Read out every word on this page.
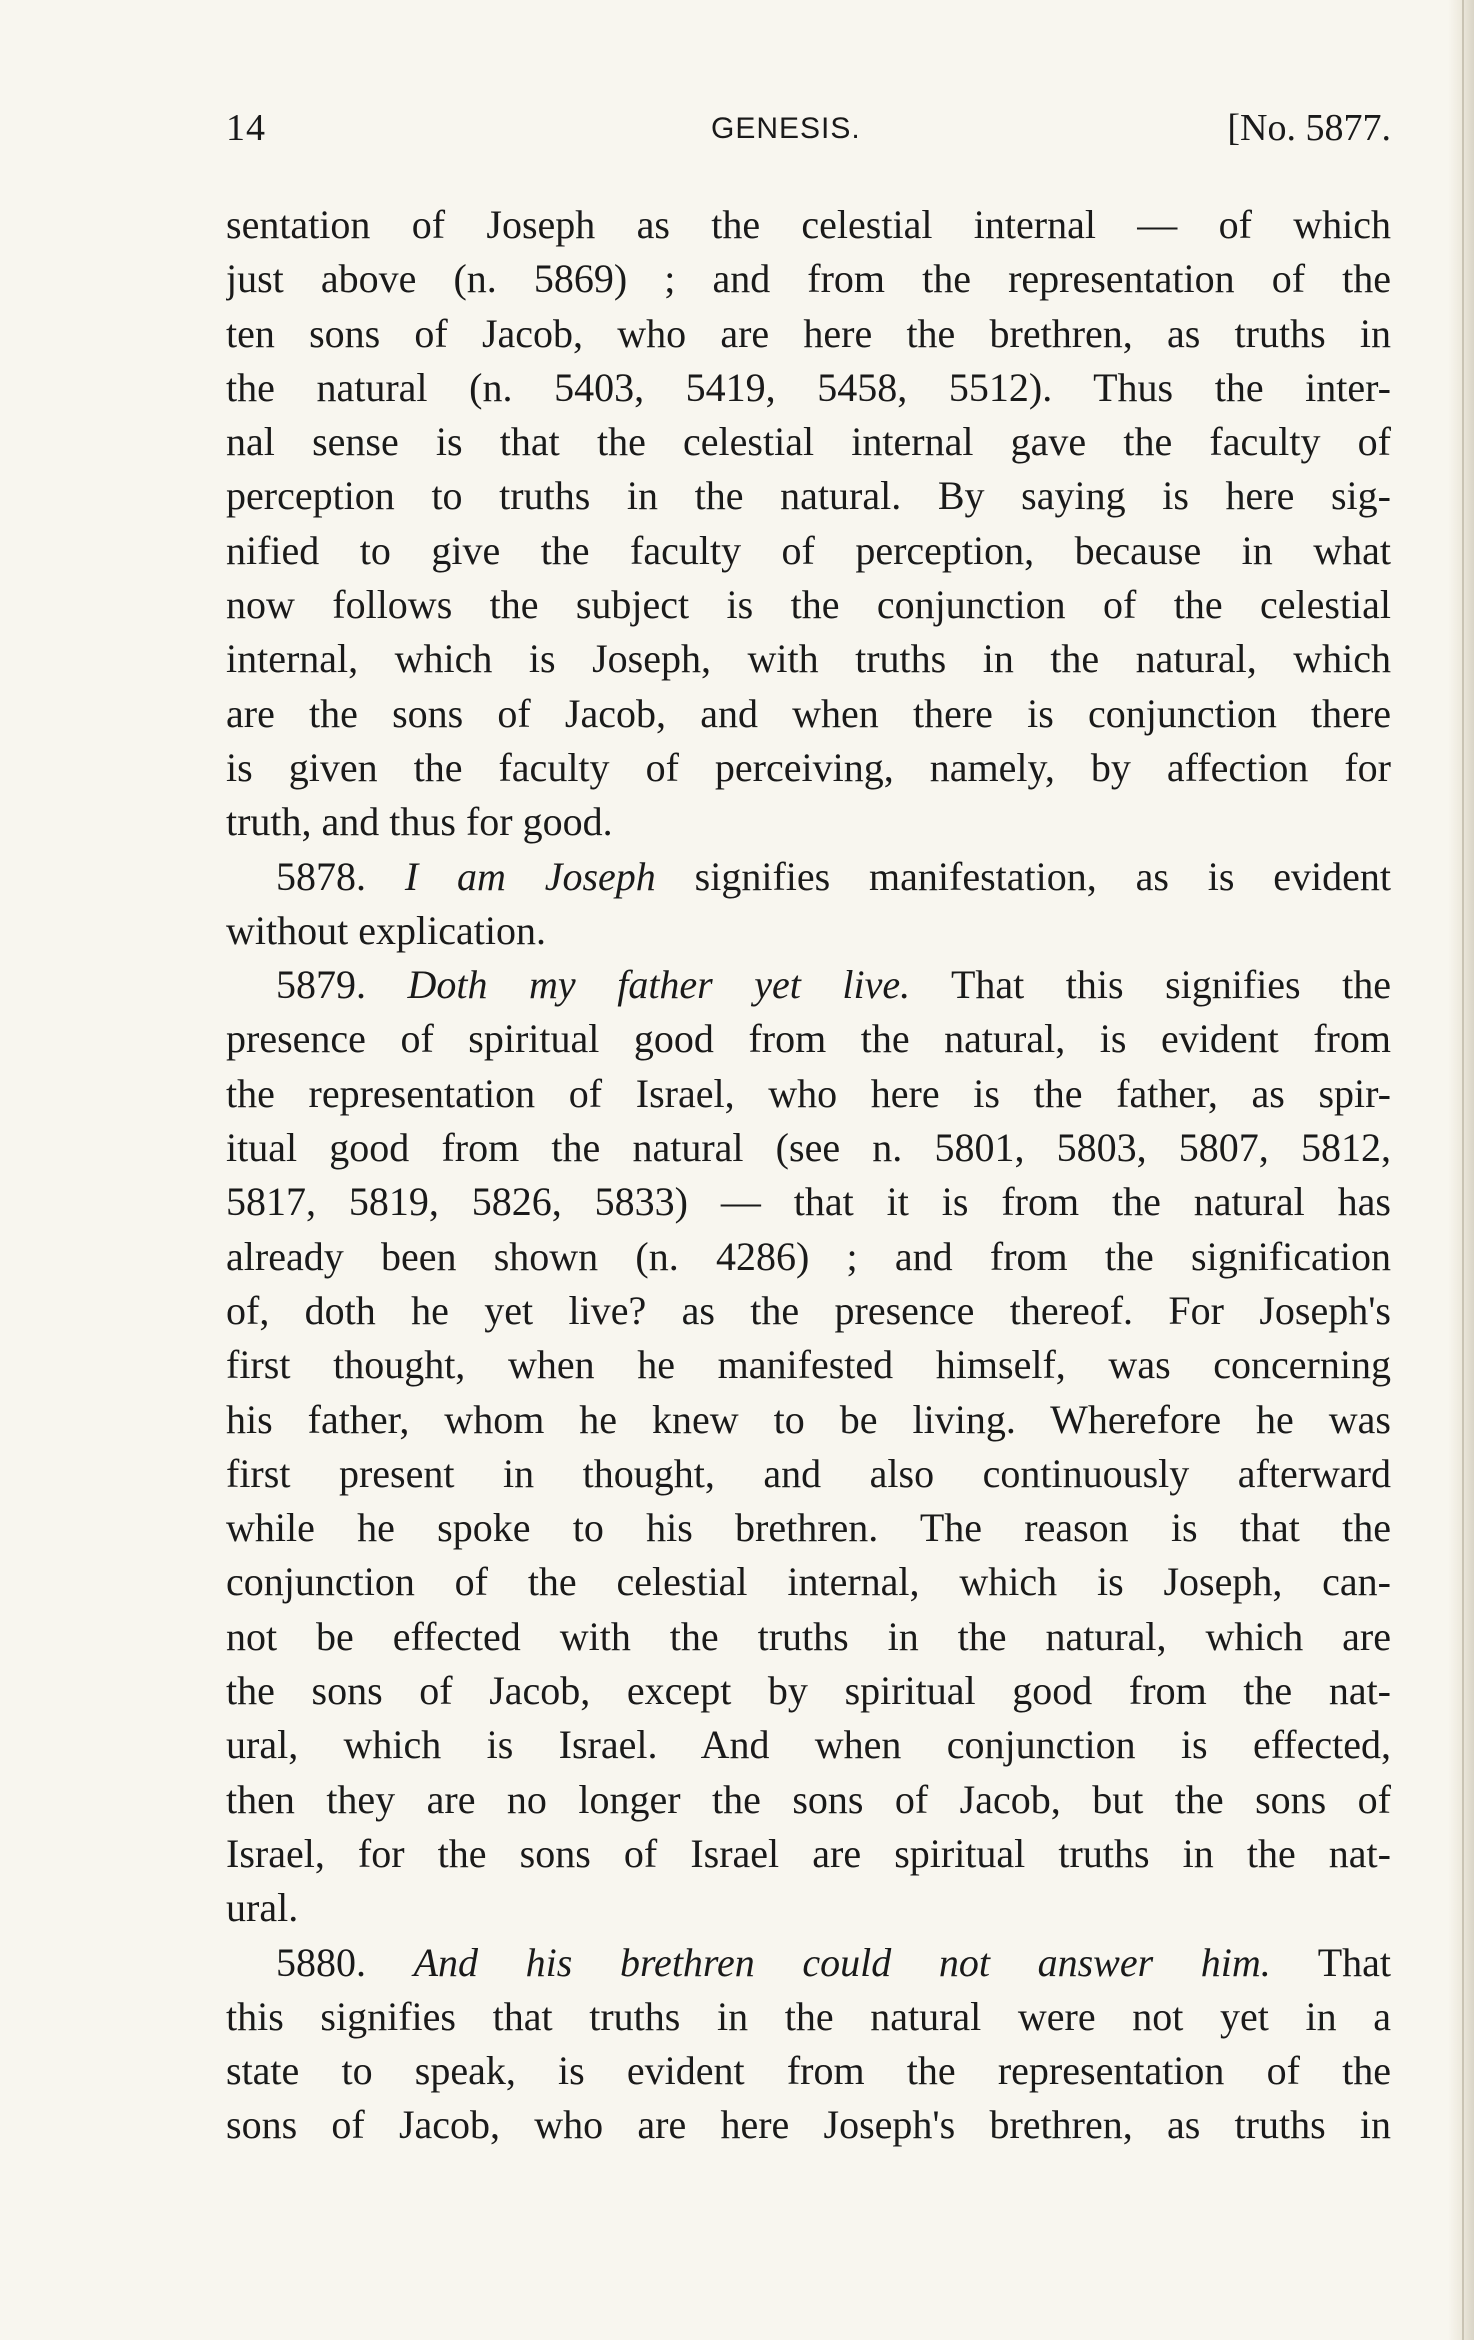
14	GENESIS.	[No. 5877.
sentation of Joseph as the celestial internal — of which
just above (n. 5869) ; and from the representation of the
ten sons of Jacob, who are here the brethren, as truths in
the natural (n. 5403, 5419, 5458, 5512). Thus the inter-
nal sense is that the celestial internal gave the faculty of
perception to truths in the natural. By saying is here sig-
nified to give the faculty of perception, because in what
now follows the subject is the conjunction of the celestial
internal, which is Joseph, with truths in the natural, which
are the sons of Jacob, and when there is conjunction there
is given the faculty of perceiving, namely, by affection for
truth, and thus for good.
5878. I am Joseph signifies manifestation, as is evident
without explication.
5879. Doth my father yet live. That this signifies the
presence of spiritual good from the natural, is evident from
the representation of Israel, who here is the father, as spir-
itual good from the natural (see n. 5801, 5803, 5807, 5812,
5817, 5819, 5826, 5833) — that it is from the natural has
already been shown (n. 4286) ; and from the signification
of, doth he yet live? as the presence thereof. For Joseph's
first thought, when he manifested himself, was concerning
his father, whom he knew to be living. Wherefore he was
first present in thought, and also continuously afterward
while he spoke to his brethren. The reason is that the
conjunction of the celestial internal, which is Joseph, can-
not be effected with the truths in the natural, which are
the sons of Jacob, except by spiritual good from the nat-
ural, which is Israel. And when conjunction is effected,
then they are no longer the sons of Jacob, but the sons of
Israel, for the sons of Israel are spiritual truths in the nat-
ural.
5880. And his brethren could not answer him. That
this signifies that truths in the natural were not yet in a
state to speak, is evident from the representation of the
sons of Jacob, who are here Joseph's brethren, as truths in
